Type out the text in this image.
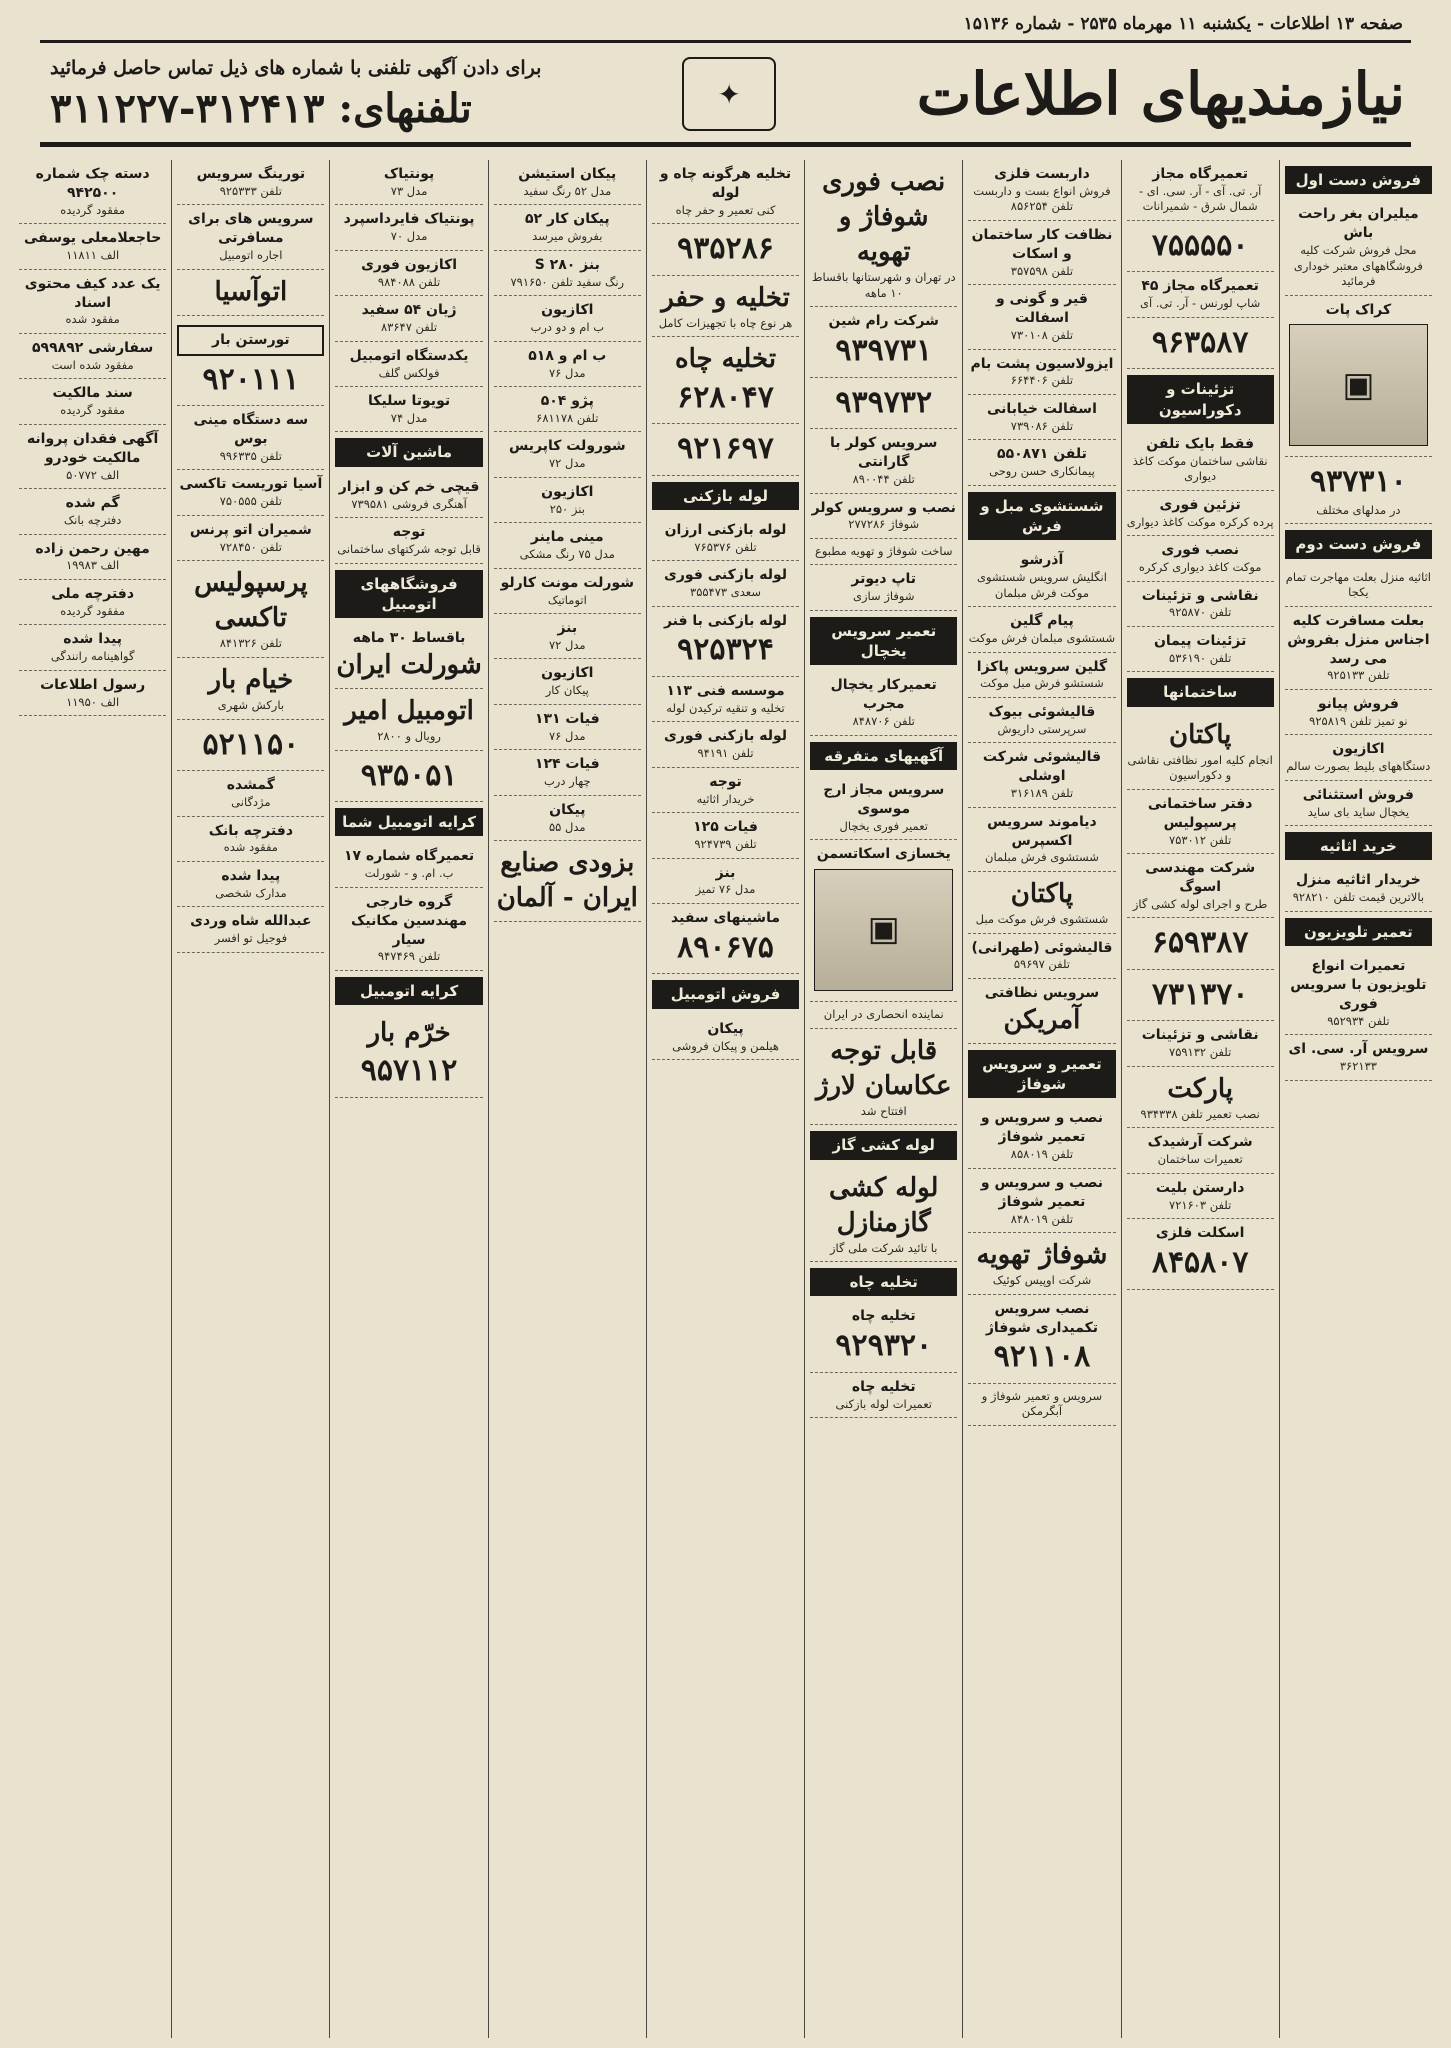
صفحه ۱۳ اطلاعات - یکشنبه ۱۱ مهرماه ۲۵۳۵ - شماره ۱۵۱۳۶
نیازمندیهای اطلاعات
✦
برای دادن آگهی تلفنی با شماره های ذیل تماس حاصل فرمائید
تلفنهای: ۳۱۲۴۱۳-۳۱۱۲۲۷
فروش دست اول
میلیران بغر راحت باش
محل فروش شرکت کلیه فروشگاههای معتبر خوداری فرمائید
کراک پات
▣
۹۳۷۳۱۰
در مدلهای مختلف
فروش دست دوم
اثاثیه منزل بعلت مهاجرت تمام یکجا
بعلت مسافرت کلیه اجناس منزل بفروش می رسد
تلفن ۹۲۵۱۳۳
فروش پیانو
نو تمیز تلفن ۹۲۵۸۱۹
اکازیون
دستگاههای بلیط بصورت سالم
فروش استثنائی
یخچال ساید بای ساید
خرید اثاثیه
خریدار اثاثیه منزل
بالاترین قیمت تلفن ۹۲۸۲۱۰
تعمیر تلویزیون
تعمیرات انواع تلویزیون با سرویس فوری
تلفن ۹۵۲۹۳۴
سرویس آر. سی. ای
۳۶۲۱۳۳
تعمیرگاه مجاز
آر. تی. آی - آر. سی. ای - شمال شرق - شمیرانات
۷۵۵۵۵۰
تعمیرگاه مجاز ۴۵
شاپ لورنس - آر. تی. آی
۹۶۳۵۸۷
تزئینات و دکوراسیون
فقط بایک تلفن
نقاشی ساختمان موکت کاغذ دیواری
تزئین فوری
پرده کرکره موکت کاغذ دیواری
نصب فوری
موکت کاغذ دیواری کرکره
نقاشی و تزئینات
تلفن ۹۲۵۸۷۰
تزئینات پیمان
تلفن ۵۳۶۱۹۰
ساختمانها
پاکتان
انجام کلیه امور نظافتی نقاشی و دکوراسیون
دفتر ساختمانی پرسپولیس
تلفن ۷۵۳۰۱۲
شرکت مهندسی اسوگ
طرح و اجرای لوله کشی گاز
۶۵۹۳۸۷
۷۳۱۳۷۰
نقاشی و تزئینات
تلفن ۷۵۹۱۳۲
پارکت
نصب تعمیر تلفن ۹۳۴۳۳۸
شرکت آرشیدک
تعمیرات ساختمان
دارستن بلیت
تلفن ۷۲۱۶۰۳
اسکلت فلزی
۸۴۵۸۰۷
داربست فلزی
فروش انواع بست و داربست تلفن ۸۵۶۲۵۴
نظافت کار ساختمان و اسکات
تلفن ۳۵۷۵۹۸
قیر و گونی و اسفالت
تلفن ۷۳۰۱۰۸
ایزولاسیون پشت بام
تلفن ۶۶۴۴۰۶
اسفالت خیابانی
تلفن ۷۳۹۰۸۶
تلفن ۵۵۰۸۷۱
پیمانکاری حسن روحی
شستشوی مبل و فرش
آذرشو
انگلیش سرویس شستشوی موکت فرش مبلمان
پیام گلین
شستشوی مبلمان فرش موکت
گلین سرویس پاکزا
شستشو فرش مبل موکت
قالیشوئی بیوک
سرپرستی داریوش
قالیشوئی شرکت اوشلی
تلفن ۳۱۶۱۸۹
دیاموند سرویس اکسپرس
شستشوی فرش مبلمان
پاکتان
شستشوی فرش موکت مبل
قالیشوئی (طهرانی)
تلفن ۵۹۶۹۷
سرویس نظافتی
آمریکن
تعمیر و سرویس شوفاژ
نصب و سرویس و تعمیر شوفاژ
تلفن ۸۵۸۰۱۹
نصب و سرویس و تعمیر شوفاژ
تلفن ۸۴۸۰۱۹
شوفاژ تهویه
شرکت اوپیس کوئیک
نصب سرویس تکمیداری شوفاژ
۹۲۱۱۰۸
سرویس و تعمیر شوفاژ و آبگرمکن
نصب فوری شوفاژ و تهویه
در تهران و شهرستانها باقساط ۱۰ ماهه
شرکت رام شین
۹۳۹۷۳۱
۹۳۹۷۳۲
سرویس کولر با گارانتی
تلفن ۸۹۰۰۴۴
نصب و سرویس کولر
شوفاژ ۲۷۷۲۸۶
ساخت شوفاژ و تهویه مطبوع
تاپ دیوتر
شوفاژ سازی
تعمیر سرویس یخچال
تعمیرکار یخچال مجرب
تلفن ۸۴۸۷۰۶
آگهیهای متفرقه
سرویس مجاز ارج موسوی
تعمیر فوری یخچال
یخسازی اسکاتسمن
▣
نماینده انحصاری در ایران
قابل توجه عکاسان لارژ
افتتاح شد
لوله کشی گاز
لوله کشی گازمنازل
با تائید شرکت ملی گاز
تخلیه چاه
تخلیه چاه
۹۲۹۳۲۰
تخلیه چاه
تعمیرات لوله بازکنی
تخلیه هرگونه چاه و لوله
کنی تعمیر و حفر چاه
۹۳۵۲۸۶
تخلیه و حفر
هر نوع چاه با تجهیزات کامل
تخلیه چاه
۶۲۸۰۴۷
۹۲۱۶۹۷
لوله بازکنی
لوله بازکنی ارزان
تلفن ۷۶۵۳۷۶
لوله بازکنی فوری
سعدی ۳۵۵۴۷۳
لوله بازکنی با فنر
۹۲۵۳۲۴
موسسه فنی ۱۱۳
تخلیه و تنقیه ترکیدن لوله
لوله بازکنی فوری
تلفن ۹۴۱۹۱
توجه
خریدار اثاثیه
فیات ۱۲۵
تلفن ۹۲۴۷۳۹
بنز
مدل ۷۶ تمیز
ماشینهای سفید
۸۹۰۶۷۵
فروش اتومبیل
پیکان
هیلمن و پیکان فروشی
پیکان استیشن
مدل ۵۲ رنگ سفید
پیکان کار ۵۲
بفروش میرسد
بنز ۲۸۰ S
رنگ سفید تلفن ۷۹۱۶۵۰
اکازیون
ب ام و دو درب
ب ام و ۵۱۸
مدل ۷۶
پژو ۵۰۴
تلفن ۶۸۱۱۷۸
شورولت کاپریس
مدل ۷۲
اکازیون
بنز ۲۵۰
مینی ماینر
مدل ۷۵ رنگ مشکی
شورلت مونت کارلو
اتوماتیک
بنز
مدل ۷۲
اکازیون
پیکان کار
فیات ۱۳۱
مدل ۷۶
فیات ۱۲۴
چهار درب
پیکان
مدل ۵۵
بزودی صنایع ایران - آلمان
پونتیاک
مدل ۷۳
پونتیاک فایرداسپرد
مدل ۷۰
اکازیون فوری
تلفن ۹۸۴۰۸۸
ژیان ۵۴ سفید
تلفن ۸۳۶۴۷
یکدستگاه اتومبیل
فولکس گلف
تویوتا سلیکا
مدل ۷۴
ماشین آلات
قیچی خم کن و ابزار
آهنگری فروشی ۷۳۹۵۸۱
توجه
قابل توجه شرکتهای ساختمانی
فروشگاههای اتومبیل
باقساط ۳۰ ماهه
شورلت ایران
اتومبیل امیر
رویال و ۲۸۰۰
۹۳۵۰۵۱
کرایه اتومبیل شما
تعمیرگاه شماره ۱۷
ب. ام. و - شورلت
گروه خارجی مهندسین مکانیک سیار
تلفن ۹۴۷۴۶۹
کرایه اتومبیل
خرّم بار
۹۵۷۱۱۲
تورینگ سرویس
تلفن ۹۲۵۳۳۳
سرویس های برای مسافرتی
اجاره اتومبیل
اتوآسیا
تورستن بار
۹۲۰۱۱۱
سه دستگاه مینی بوس
تلفن ۹۹۶۳۳۵
آسیا توریست تاکسی
تلفن ۷۵۰۵۵۵
شمیران اتو پرنس
تلفن ۷۲۸۴۵۰
پرسپولیس تاکسی
تلفن ۸۴۱۳۲۶
خیام بار
بارکش شهری
۵۲۱۱۵۰
گمشده
مژدگانی
دفترچه بانک
مفقود شده
پیدا شده
مدارک شخصی
عبدالله شاه وردی
فوجیل تو افسر
دسته چک شماره ۹۴۲۵۰۰
مفقود گردیده
حاجعلامعلی یوسفی
الف ۱۱۸۱۱
یک عدد کیف محتوی اسناد
مفقود شده
سفارشی ۵۹۹۸۹۲
مفقود شده است
سند مالکیت
مفقود گردیده
آگهی فقدان پروانه مالکیت خودرو
الف ۵۰۷۷۲
گم شده
دفترچه بانک
مهین رحمن زاده
الف ۱۹۹۸۳
دفترچه ملی
مفقود گردیده
پیدا شده
گواهینامه رانندگی
رسول اطلاعات
الف ۱۱۹۵۰
